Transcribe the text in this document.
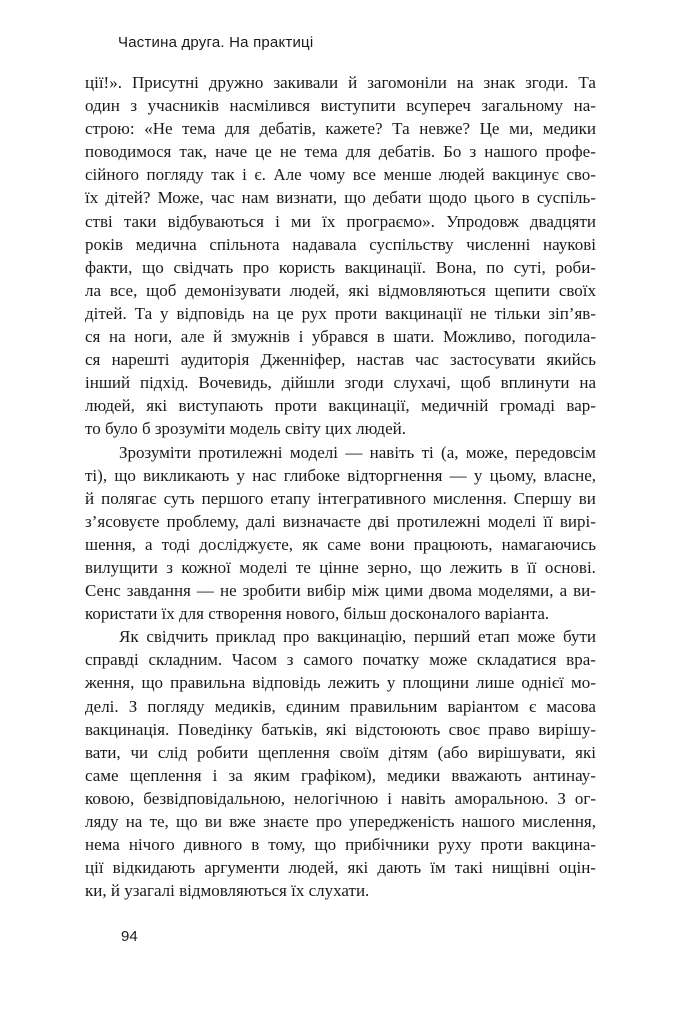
Частина друга. На практиці
ції!». Присутні дружно закивали й загомоніли на знак згоди. Та
один з учасників насмілився виступити всупереч загальному на-
строю: «Не тема для дебатів, кажете? Та невже? Це ми, медики
поводимося так, наче це не тема для дебатів. Бо з нашого профе-
сійного погляду так і є. Але чому все менше людей вакцинує сво-
їх дітей? Може, час нам визнати, що дебати щодо цього в суспіль-
стві таки відбуваються і ми їх програємо». Упродовж двадцяти
років медична спільнота надавала суспільству численні наукові
факти, що свідчать про користь вакцинації. Вона, по суті, роби-
ла все, щоб демонізувати людей, які відмовляються щепити своїх
дітей. Та у відповідь на це рух проти вакцинації не тільки зіп’яв-
ся на ноги, але й змужнів і убрався в шати. Можливо, погодила-
ся нарешті аудиторія Дженніфер, настав час застосувати якийсь
інший підхід. Вочевидь, дійшли згоди слухачі, щоб вплинути на
людей, які виступають проти вакцинації, медичній громаді вар-
то було б зрозуміти модель світу цих людей.
Зрозуміти протилежні моделі — навіть ті (а, може, передовсім
ті), що викликають у нас глибоке відторгнення — у цьому, власне,
й полягає суть першого етапу інтегративного мислення. Спершу ви
з’ясовуєте проблему, далі визначаєте дві протилежні моделі її вирі-
шення, а тоді досліджуєте, як саме вони працюють, намагаючись
вилущити з кожної моделі те цінне зерно, що лежить в її основі.
Сенс завдання — не зробити вибір між цими двома моделями, а ви-
користати їх для створення нового, більш досконалого варіанта.
Як свідчить приклад про вакцинацію, перший етап може бути
справді складним. Часом з самого початку може складатися вра-
ження, що правильна відповідь лежить у площини лише однієї мо-
делі. З погляду медиків, єдиним правильним варіантом є масова
вакцинація. Поведінку батьків, які відстоюють своє право вирішу-
вати, чи слід робити щеплення своїм дітям (або вирішувати, які
саме щеплення і за яким графіком), медики вважають антинау-
ковою, безвідповідальною, нелогічною і навіть аморальною. З ог-
ляду на те, що ви вже знаєте про упередженість нашого мислення,
нема нічого дивного в тому, що прибічники руху проти вакцина-
ції відкидають аргументи людей, які дають їм такі нищівні оцін-
ки, й узагалі відмовляються їх слухати.
94
